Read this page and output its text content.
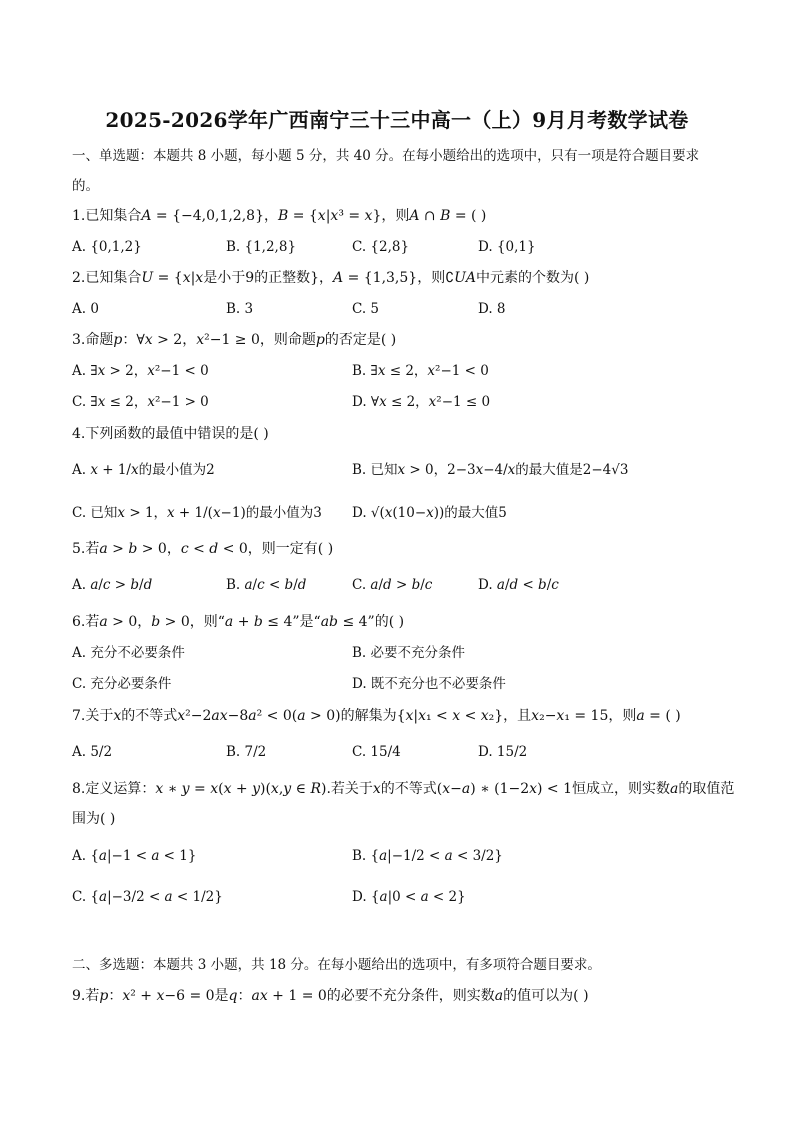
2025-2026学年广西南宁三十三中高一（上）9月月考数学试卷
一、单选题：本题共 8 小题，每小题 5 分，共 40 分。在每小题给出的选项中，只有一项是符合题目要求
的。
1.已知集合𝐴 = {−4,0,1,2,8}，𝐵 = {𝑥|𝑥³ = 𝑥}，则𝐴 ∩ 𝐵 = ( )
A. {0,1,2}	B. {1,2,8}	C. {2,8}	D. {0,1}
2.已知集合𝑈 = {𝑥|𝑥是小于9的正整数}，𝐴 = {1,3,5}，则∁𝑈𝐴中元素的个数为( )
A. 0	B. 3	C. 5	D. 8
3.命题𝑝：∀𝑥 > 2，𝑥²−1 ≥ 0，则命题𝑝的否定是( )
A. ∃𝑥 > 2，𝑥²−1 < 0	B. ∃𝑥 ≤ 2，𝑥²−1 < 0
C. ∃𝑥 ≤ 2，𝑥²−1 > 0	D. ∀𝑥 ≤ 2，𝑥²−1 ≤ 0
4.下列函数的最值中错误的是( )
A. 𝑥 + 1/𝑥的最小值为2	B. 已知𝑥 > 0，2−3𝑥−4/𝑥的最大值是2−4√3
C. 已知𝑥 > 1，𝑥 + 1/(𝑥−1)的最小值为3 D. √(𝑥(10−𝑥))的最大值5
5.若𝑎 > 𝑏 > 0，𝑐 < 𝑑 < 0，则一定有( )
A. 𝑎/𝑐 > 𝑏/𝑑	B. 𝑎/𝑐 < 𝑏/𝑑	C. 𝑎/𝑑 > 𝑏/𝑐	D. 𝑎/𝑑 < 𝑏/𝑐
6.若𝑎 > 0，𝑏 > 0，则“𝑎 + 𝑏 ≤ 4”是“𝑎𝑏 ≤ 4”的( )
A. 充分不必要条件	B. 必要不充分条件
C. 充分必要条件	D. 既不充分也不必要条件
7.关于𝑥的不等式𝑥²−2𝑎𝑥−8𝑎² < 0(𝑎 > 0)的解集为{𝑥|𝑥₁ < 𝑥 < 𝑥₂}，且𝑥₂−𝑥₁ = 15，则𝑎 = ( )
A. 5/2	B. 7/2	C. 15/4	D. 15/2
8.定义运算：𝑥 ∗ 𝑦 = 𝑥(𝑥 + 𝑦)(𝑥,𝑦 ∈ 𝑅).若关于𝑥的不等式(𝑥−𝑎) ∗ (1−2𝑥) < 1恒成立，则实数𝑎的取值范
围为( )
A. {𝑎|−1 < 𝑎 < 1}	B. {𝑎|−1/2 < 𝑎 < 3/2}
C. {𝑎|−3/2 < 𝑎 < 1/2}	D. {𝑎|0 < 𝑎 < 2}
二、多选题：本题共 3 小题，共 18 分。在每小题给出的选项中，有多项符合题目要求。
9.若𝑝：𝑥² + 𝑥−6 = 0是𝑞：𝑎𝑥 + 1 = 0的必要不充分条件，则实数𝑎的值可以为( )
